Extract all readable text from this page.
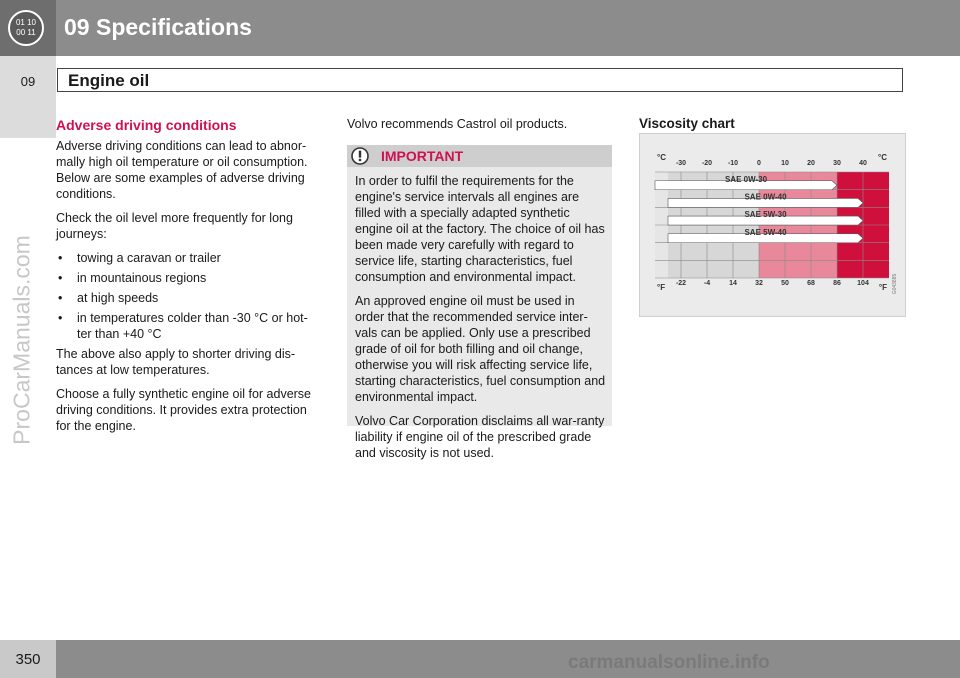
01 10
00 11 09 Specifications
09	Engine oil
ProCarManuals.com
Adverse driving conditions

Adverse driving conditions can lead to abnor-mally high oil temperature or oil consumption. Below are some examples of adverse driving conditions.

Check the oil level more frequently for long journeys:

• towing a caravan or trailer
• in mountainous regions
• at high speeds
• in temperatures colder than -30 °C or hot-ter than +40 °C

The above also apply to shorter driving dis-tances at low temperatures.

Choose a fully synthetic engine oil for adverse driving conditions. It provides extra protection for the engine.

Volvo recommends Castrol oil products.
IMPORTANT

In order to fulfil the requirements for the engine's service intervals all engines are filled with a specially adapted synthetic engine oil at the factory. The choice of oil has been made very carefully with regard to service life, starting characteristics, fuel consumption and environmental impact.

An approved engine oil must be used in order that the recommended service inter-vals can be applied. Only use a prescribed grade of oil for both filling and oil change, otherwise you will risk affecting service life, starting characteristics, fuel consumption and environmental impact.

Volvo Car Corporation disclaims all war-ranty liability if engine oil of the prescribed grade and viscosity is not used.

Viscosity chart
SAE 0W-30
SAE 0W-40
SAE 5W-30
SAE 5W-40
-30 -20 -10	0	10	20	30	40
-22	-4	14	32	50	68	86 104
°C	°C
°F	°F G043885
350	carmanualsonline.info
